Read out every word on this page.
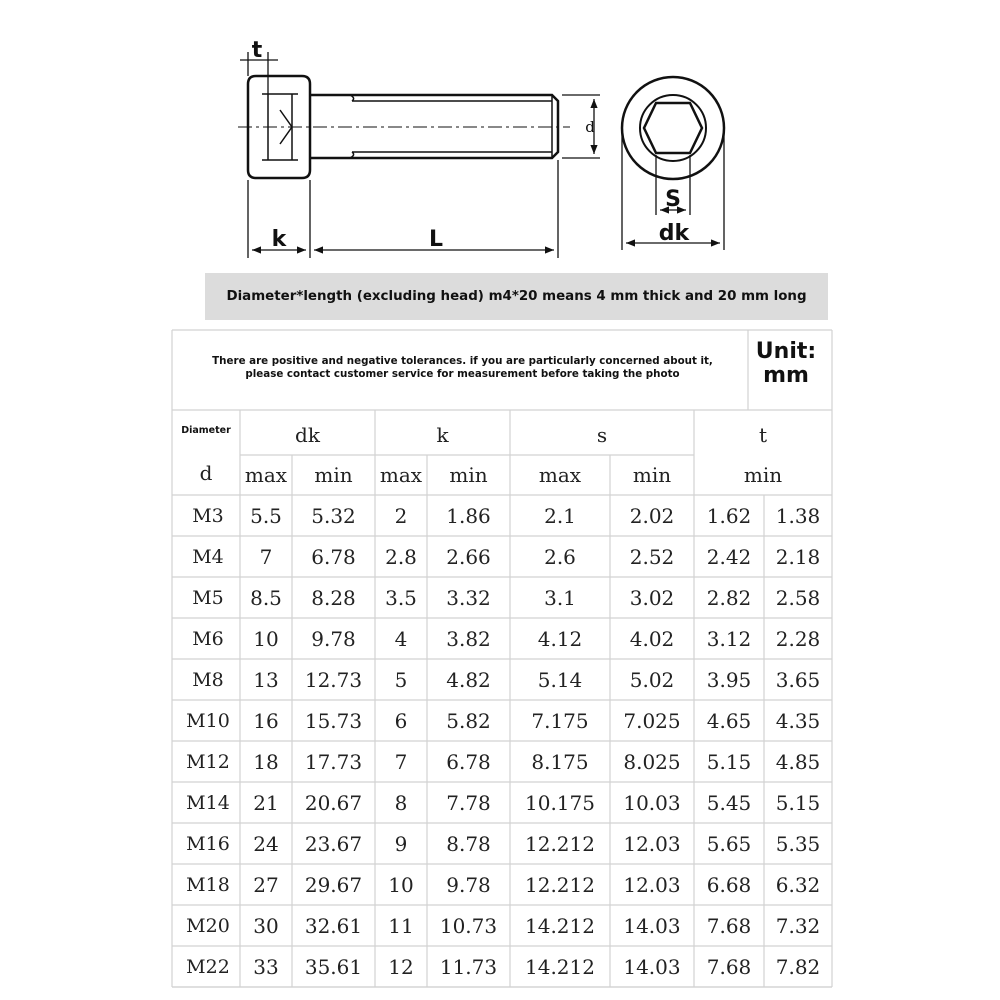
t
k	L
d
S
dk
Diameter*length (excluding head) m4*20 means 4 mm thick and 20 mm long
There are positive and negative tolerances. if you are particularly concerned about it,
please contact customer service for measurement before taking the photo
Unit:
mm
Diameter
d
dk	k	s	t
max	min	max	min	max	min	min
M3	5.5	5.32	2	1.86	2.1	2.02	1.62	1.38
M4	7	6.78	2.8	2.66	2.6	2.52	2.42	2.18
M5	8.5	8.28	3.5	3.32	3.1	3.02	2.82	2.58
M6	10	9.78	4	3.82	4.12	4.02	3.12	2.28
M8	13	12.73	5	4.82	5.14	5.02	3.95	3.65
M10	16	15.73	6	5.82	7.175	7.025	4.65	4.35
M12	18	17.73	7	6.78	8.175	8.025	5.15	4.85
M14	21	20.67	8	7.78	10.175	10.03	5.45	5.15
M16	24	23.67	9	8.78	12.212	12.03	5.65	5.35
M18	27	29.67	10	9.78	12.212	12.03	6.68	6.32
M20	30	32.61	11	10.73	14.212	14.03	7.68	7.32
M22	33	35.61	12	11.73	14.212	14.03	7.68	7.82
